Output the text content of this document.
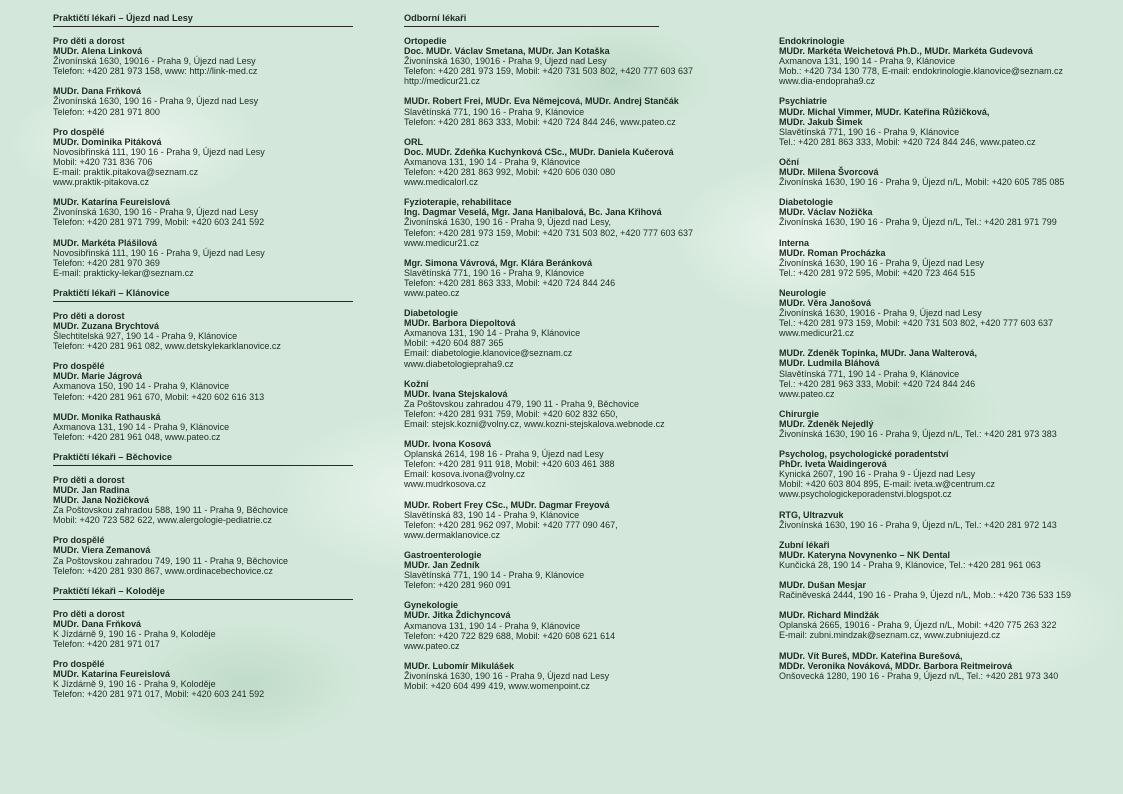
Praktičtí lékaři – Újezd nad Lesy
Pro děti a dorost
MUDr. Alena Linková
Živonínská 1630, 19016 - Praha 9, Újezd nad Lesy
Telefon: +420 281 973 158, www: http://link-med.cz
MUDr. Dana Frňková
Živonínská 1630, 190 16 - Praha 9, Újezd nad Lesy
Telefon: +420 281 971 800
Pro dospělé
MUDr. Dominika Pitáková
Novosibřinská 111, 190 16 - Praha 9, Újezd nad Lesy
Mobil: +420 731 836 706
E-mail: praktik.pitakova@seznam.cz
www.praktik-pitakova.cz
MUDr. Katarína Feureislová
Živonínská 1630, 190 16 - Praha 9, Újezd nad Lesy
Telefon: +420 281 971 799, Mobil: +420 603 241 592
MUDr. Markéta Plášilová
Novosibřinská 111, 190 16 - Praha 9, Újezd nad Lesy
Telefon: +420 281 970 369
E-mail: prakticky-lekar@seznam.cz
Praktičtí lékaři – Klánovice
Pro děti a dorost
MUDr. Zuzana Brychtová
Šlechtitelská 927, 190 14 - Praha 9, Klánovice
Telefon: +420 281 961 082, www.detskylekarklanovice.cz
Pro dospělé
MUDr. Marie Jágrová
Axmanova 150, 190 14 - Praha 9, Klánovice
Telefon: +420 281 961 670, Mobil: +420 602 616 313
MUDr. Monika Rathauská
Axmanova 131, 190 14 - Praha 9, Klánovice
Telefon: +420 281 961 048, www.pateo.cz
Praktičtí lékaři – Běchovice
Pro děti a dorost
MUDr. Jan Radina
MUDr. Jana Nožičková
Za Poštovskou zahradou 588, 190 11 - Praha 9, Běchovice
Mobil: +420 723 582 622, www.alergologie-pediatrie.cz
Pro dospělé
MUDr. Viera Zemanová
Za Poštovskou zahradou 749, 190 11 - Praha 9, Běchovice
Telefon: +420 281 930 867, www.ordinacebechovice.cz
Praktičtí lékaři – Koloděje
Pro děti a dorost
MUDr. Dana Frňková
K Jízdárně 9, 190 16 - Praha 9, Koloděje
Telefon: +420 281 971 017
Pro dospělé
MUDr. Katarína Feureislová
K Jízdárně 9, 190 16 - Praha 9, Koloděje
Telefon: +420 281 971 017, Mobil: +420 603 241 592
Odborní lékaři
Ortopedie
Doc. MUDr. Václav Smetana, MUDr. Jan Kotaška
Živonínská 1630, 19016 - Praha 9, Újezd nad Lesy
Telefon: +420 281 973 159, Mobil: +420 731 503 802, +420 777 603 637
http://medicur21.cz
MUDr. Robert Frei, MUDr. Eva Němejcová, MUDr. Andrej Stančák
Slavětínská 771, 190 16 - Praha 9, Klánovice
Telefon: +420 281 863 333, Mobil: +420 724 844 246, www.pateo.cz
ORL
Doc. MUDr. Zdeňka Kuchynková CSc., MUDr. Daniela Kučerová
Axmanova 131, 190 14 - Praha 9, Klánovice
Telefon: +420 281 863 992, Mobil: +420 606 030 080
www.medicalorl.cz
Fyzioterapie, rehabilitace
Ing. Dagmar Veselá, Mgr. Jana Hanibalová, Bc. Jana Křihová
Živonínská 1630, 190 16 - Praha 9, Újezd nad Lesy,
Telefon: +420 281 973 159, Mobil: +420 731 503 802, +420 777 603 637
www.medicur21.cz
Mgr. Simona Vávrová, Mgr. Klára Beránková
Slavětínská 771, 190 16 - Praha 9, Klánovice
Telefon: +420 281 863 333, Mobil: +420 724 844 246
www.pateo.cz
Diabetologie
MUDr. Barbora Diepoltová
Axmanova 131, 190 14 - Praha 9, Klánovice
Mobil: +420 604 887 365
Email: diabetologie.klanovice@seznam.cz
www.diabetologiepraha9.cz
Kožní
MUDr. Ivana Stejskalová
Za Poštovskou zahradou 479, 190 11 - Praha 9, Běchovice
Telefon: +420 281 931 759, Mobil: +420 602 832 650,
Email: stejsk.kozni@volny.cz, www.kozni-stejskalova.webnode.cz
MUDr. Ivona Kosová
Oplanská 2614, 198 16 - Praha 9, Újezd nad Lesy
Telefon: +420 281 911 918, Mobil: +420 603 461 388
Email: kosova.ivona@volny.cz
www.mudrkosova.cz
MUDr. Robert Frey CSc., MUDr. Dagmar Freyová
Slavětínská 83, 190 14 - Praha 9, Klánovice
Telefon: +420 281 962 097, Mobil: +420 777 090 467,
www.dermaklanovice.cz
Gastroenterologie
MUDr. Jan Zedník
Slavětínská 771, 190 14 - Praha 9, Klánovice
Telefon: +420 281 960 091
Gynekologie
MUDr. Jitka Ždichyncová
Axmanova 131, 190 14 - Praha 9, Klánovice
Telefon: +420 722 829 688, Mobil: +420 608 621 614
www.pateo.cz
MUDr. Lubomír Mikulášek
Živonínská 1630, 190 16 - Praha 9, Újezd nad Lesy
Mobil: +420 604 499 419, www.womenpoint.cz
Endokrinologie
MUDr. Markéta Weichetová Ph.D., MUDr. Markéta Gudevová
Axmanova 131, 190 14 - Praha 9, Klánovice
Mob.: +420 734 130 778, E-mail: endokrinologie.klanovice@seznam.cz
www.dia-endopraha9.cz
Psychiatrie
MUDr. Michal Vimmer, MUDr. Kateřina Růžičková,
MUDr. Jakub Šimek
Slavětínská 771, 190 16 - Praha 9, Klánovice
Tel.: +420 281 863 333, Mobil: +420 724 844 246, www.pateo.cz
Oční
MUDr. Milena Švorcová
Živonínská 1630, 190 16 - Praha 9, Újezd n/L, Mobil: +420 605 785 085
Diabetologie
MUDr. Václav Nožička
Živonínská 1630, 190 16 - Praha 9, Újezd n/L, Tel.: +420 281 971 799
Interna
MUDr. Roman Procházka
Živonínská 1630, 190 16 - Praha 9, Újezd nad Lesy
Tel.: +420 281 972 595, Mobil: +420 723 464 515
Neurologie
MUDr. Věra Janošová
Živonínská 1630, 19016 - Praha 9, Újezd nad Lesy
Tel.: +420 281 973 159, Mobil: +420 731 503 802, +420 777 603 637
www.medicur21.cz
MUDr. Zdeněk Topinka, MUDr. Jana Walterová,
MUDr. Ludmila Bláhová
Slavětínská 771, 190 14 - Praha 9, Klánovice
Tel.: +420 281 963 333, Mobil: +420 724 844 246
www.pateo.cz
Chirurgie
MUDr. Zdeněk Nejedlý
Živonínská 1630, 190 16 - Praha 9, Újezd n/L, Tel.: +420 281 973 383
Psycholog, psychologické poradentství
PhDr. Iveta Waidingerová
Kynická 2607, 190 16 - Praha 9 - Újezd nad Lesy
Mobil: +420 603 804 895, E-mail: iveta.w@centrum.cz
www.psychologickeporadenstvi.blogspot.cz
RTG, Ultrazvuk
Živonínská 1630, 190 16 - Praha 9, Újezd n/L, Tel.: +420 281 972 143
Zubní lékaři
MUDr. Kateryna Novynenko – NK Dental
Kunčická 28, 190 14 - Praha 9, Klánovice, Tel.: +420 281 961 063
MUDr. Dušan Mesjar
Račiněveská 2444, 190 16 - Praha 9, Újezd n/L, Mob.: +420 736 533 159
MUDr. Richard Mindžák
Oplanská 2665, 19016 - Praha 9, Újezd n/L, Mobil: +420 775 263 322
E-mail: zubni.mindzak@seznam.cz, www.zubniujezd.cz
MUDr. Vít Bureš, MDDr. Kateřina Burešová,
MDDr. Veronika Nováková, MDDr. Barbora Reitmeirová
Onšovecká 1280, 190 16 - Praha 9, Újezd n/L, Tel.: +420 281 973 340
